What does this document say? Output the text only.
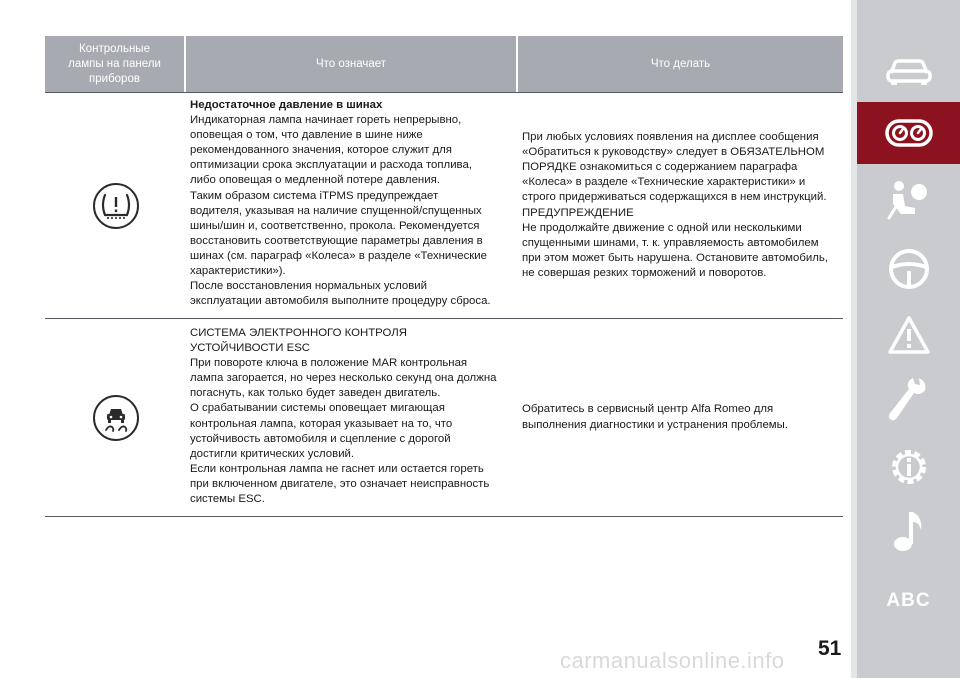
Контрольные
лампы на панели
приборов
Что означает	Что делать
Недостаточное давление в шинах
Индикаторная лампа начинает гореть непрерывно,
оповещая о том, что давление в шине ниже
рекомендованного значения, которое служит для
оптимизации срока эксплуатации и расхода топлива,
либо оповещая о медленной потере давления.
Таким образом система iTPMS предупреждает
водителя, указывая на наличие спущенной/спущенных
шины/шин и, соответственно, прокола. Рекомендуется
восстановить соответствующие параметры давления в
шинах (см. параграф «Колеса» в разделе «Технические
характеристики»).
После восстановления нормальных условий
эксплуатации автомобиля выполните процедуру сброса.
При любых условиях появления на дисплее сообщения
«Обратиться к руководству» следует в ОБЯЗАТЕЛЬНОМ
ПОРЯДКЕ ознакомиться с содержанием параграфа
«Колеса» в разделе «Технические характеристики» и
строго придерживаться содержащихся в нем инструкций.
ПРЕДУПРЕЖДЕНИЕ
Не продолжайте движение с одной или несколькими
спущенными шинами, т. к. управляемость автомобилем
при этом может быть нарушена. Остановите автомобиль,
не совершая резких торможений и поворотов.
СИСТЕМА ЭЛЕКТРОННОГО КОНТРОЛЯ
УСТОЙЧИВОСТИ ESC
При повороте ключа в положение MAR контрольная
лампа загорается, но через несколько секунд она должна
погаснуть, как только будет заведен двигатель.
О срабатывании системы оповещает мигающая
контрольная лампа, которая указывает на то, что
устойчивость автомобиля и сцепление с дорогой
достигли критических условий.
Если контрольная лампа не гаснет или остается гореть
при включенном двигателе, это означает неисправность
системы ESC.
Обратитесь в сервисный центр Alfa Romeo для
выполнения диагностики и устранения проблемы.
ABC
51
carmanualsonline.info
